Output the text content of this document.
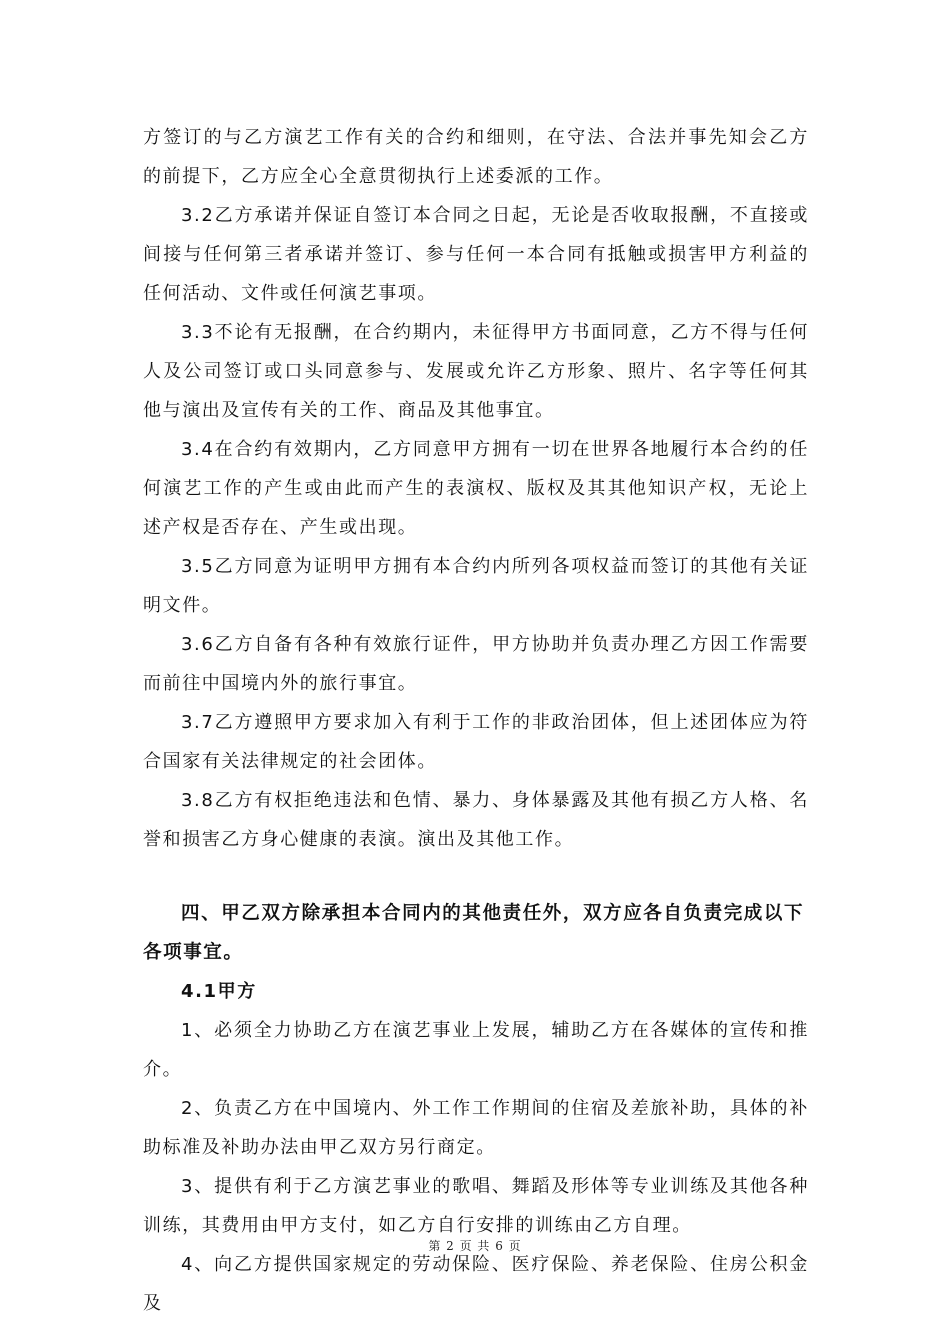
方签订的与乙方演艺工作有关的合约和细则，在守法、合法并事先知会乙方的前提下，乙方应全心全意贯彻执行上述委派的工作。

3.2乙方承诺并保证自签订本合同之日起，无论是否收取报酬，不直接或间接与任何第三者承诺并签订、参与任何一本合同有抵触或损害甲方利益的任何活动、文件或任何演艺事项。

3.3不论有无报酬，在合约期内，未征得甲方书面同意，乙方不得与任何人及公司签订或口头同意参与、发展或允许乙方形象、照片、名字等任何其他与演出及宣传有关的工作、商品及其他事宜。

3.4在合约有效期内，乙方同意甲方拥有一切在世界各地履行本合约的任何演艺工作的产生或由此而产生的表演权、版权及其其他知识产权，无论上述产权是否存在、产生或出现。

3.5乙方同意为证明甲方拥有本合约内所列各项权益而签订的其他有关证明文件。

3.6乙方自备有各种有效旅行证件，甲方协助并负责办理乙方因工作需要而前往中国境内外的旅行事宜。

3.7乙方遵照甲方要求加入有利于工作的非政治团体，但上述团体应为符合国家有关法律规定的社会团体。

3.8乙方有权拒绝违法和色情、暴力、身体暴露及其他有损乙方人格、名誉和损害乙方身心健康的表演。演出及其他工作。

四、甲乙双方除承担本合同内的其他责任外，双方应各自负责完成以下各项事宜。

4.1甲方

1、必须全力协助乙方在演艺事业上发展，辅助乙方在各媒体的宣传和推介。

2、负责乙方在中国境内、外工作工作期间的住宿及差旅补助，具体的补助标准及补助办法由甲乙双方另行商定。

3、提供有利于乙方演艺事业的歌唱、舞蹈及形体等专业训练及其他各种训练，其费用由甲方支付，如乙方自行安排的训练由乙方自理。

4、向乙方提供国家规定的劳动保险、医疗保险、养老保险、住房公积金及

第 2 页 共 6 页
